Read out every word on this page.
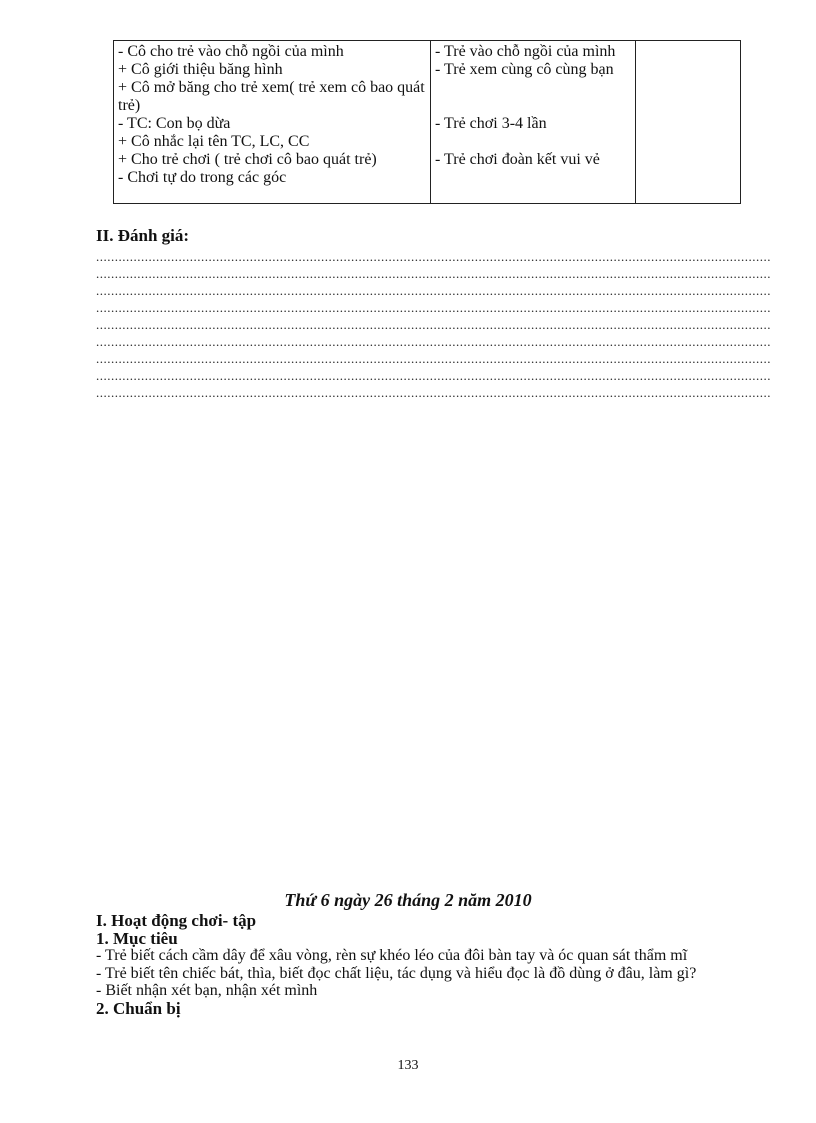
- Cô cho trẻ vào chỗ ngồi của mình
+ Cô giới thiệu băng hình
+ Cô mở băng cho trẻ xem( trẻ xem cô bao quát trẻ)
- TC: Con bọ dừa
+ Cô nhắc lại tên TC, LC, CC
+ Cho trẻ chơi ( trẻ chơi cô bao quát trẻ)
- Chơi tự do trong các góc

- Trẻ vào chỗ ngồi của mình
- Trẻ xem cùng cô cùng bạn
- Trẻ chơi 3-4 lần
- Trẻ chơi đoàn kết vui vẻ

II. Đánh giá:
....................................................................................................................................................................................
....................................................................................................................................................................................
....................................................................................................................................................................................
....................................................................................................................................................................................
....................................................................................................................................................................................
....................................................................................................................................................................................
....................................................................................................................................................................................
....................................................................................................................................................................................
....................................................................................................................................................................................
Thứ 6 ngày 26 tháng 2 năm 2010
I. Hoạt động chơi- tập
1. Mục tiêu
- Trẻ biết cách cầm dây để xâu vòng, rèn sự khéo léo của đôi bàn tay và óc quan sát thẩm mĩ
- Trẻ biết tên chiếc bát, thìa, biết đọc chất liệu, tác dụng và hiểu đọc là đồ dùng ở đâu, làm gì?
- Biết nhận xét bạn, nhận xét mình
2. Chuẩn bị
133
